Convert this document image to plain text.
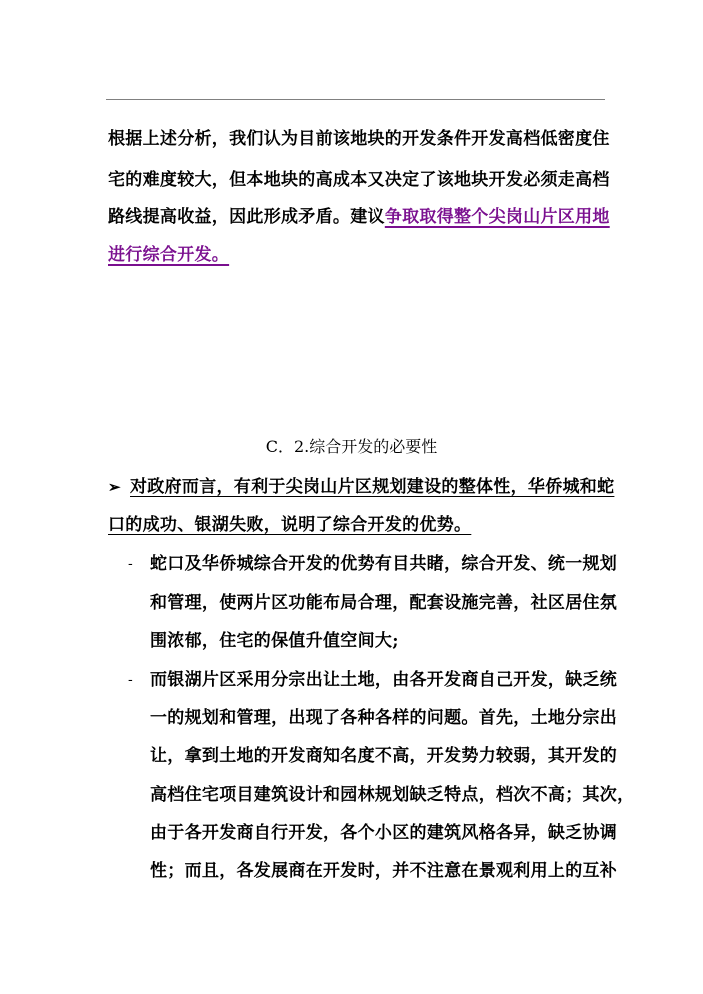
根据上述分析，我们认为目前该地块的开发条件开发高档低密度住
宅的难度较大，但本地块的高成本又决定了该地块开发必须走高档
路线提高收益，因此形成矛盾。建议争取取得整个尖岗山片区用地
进行综合开发。
C．2.综合开发的必要性
➢ 对政府而言，有利于尖岗山片区规划建设的整体性，华侨城和蛇
口的成功、银湖失败，说明了综合开发的优势。
- 蛇口及华侨城综合开发的优势有目共睹，综合开发、统一规划
和管理，使两片区功能布局合理，配套设施完善，社区居住氛
围浓郁，住宅的保值升值空间大;
- 而银湖片区采用分宗出让土地，由各开发商自己开发，缺乏统
一的规划和管理，出现了各种各样的问题。首先，土地分宗出
让，拿到土地的开发商知名度不高，开发势力较弱，其开发的
高档住宅项目建筑设计和园林规划缺乏特点，档次不高；其次，
由于各开发商自行开发，各个小区的建筑风格各异，缺乏协调
性；而且，各发展商在开发时，并不注意在景观利用上的互补
